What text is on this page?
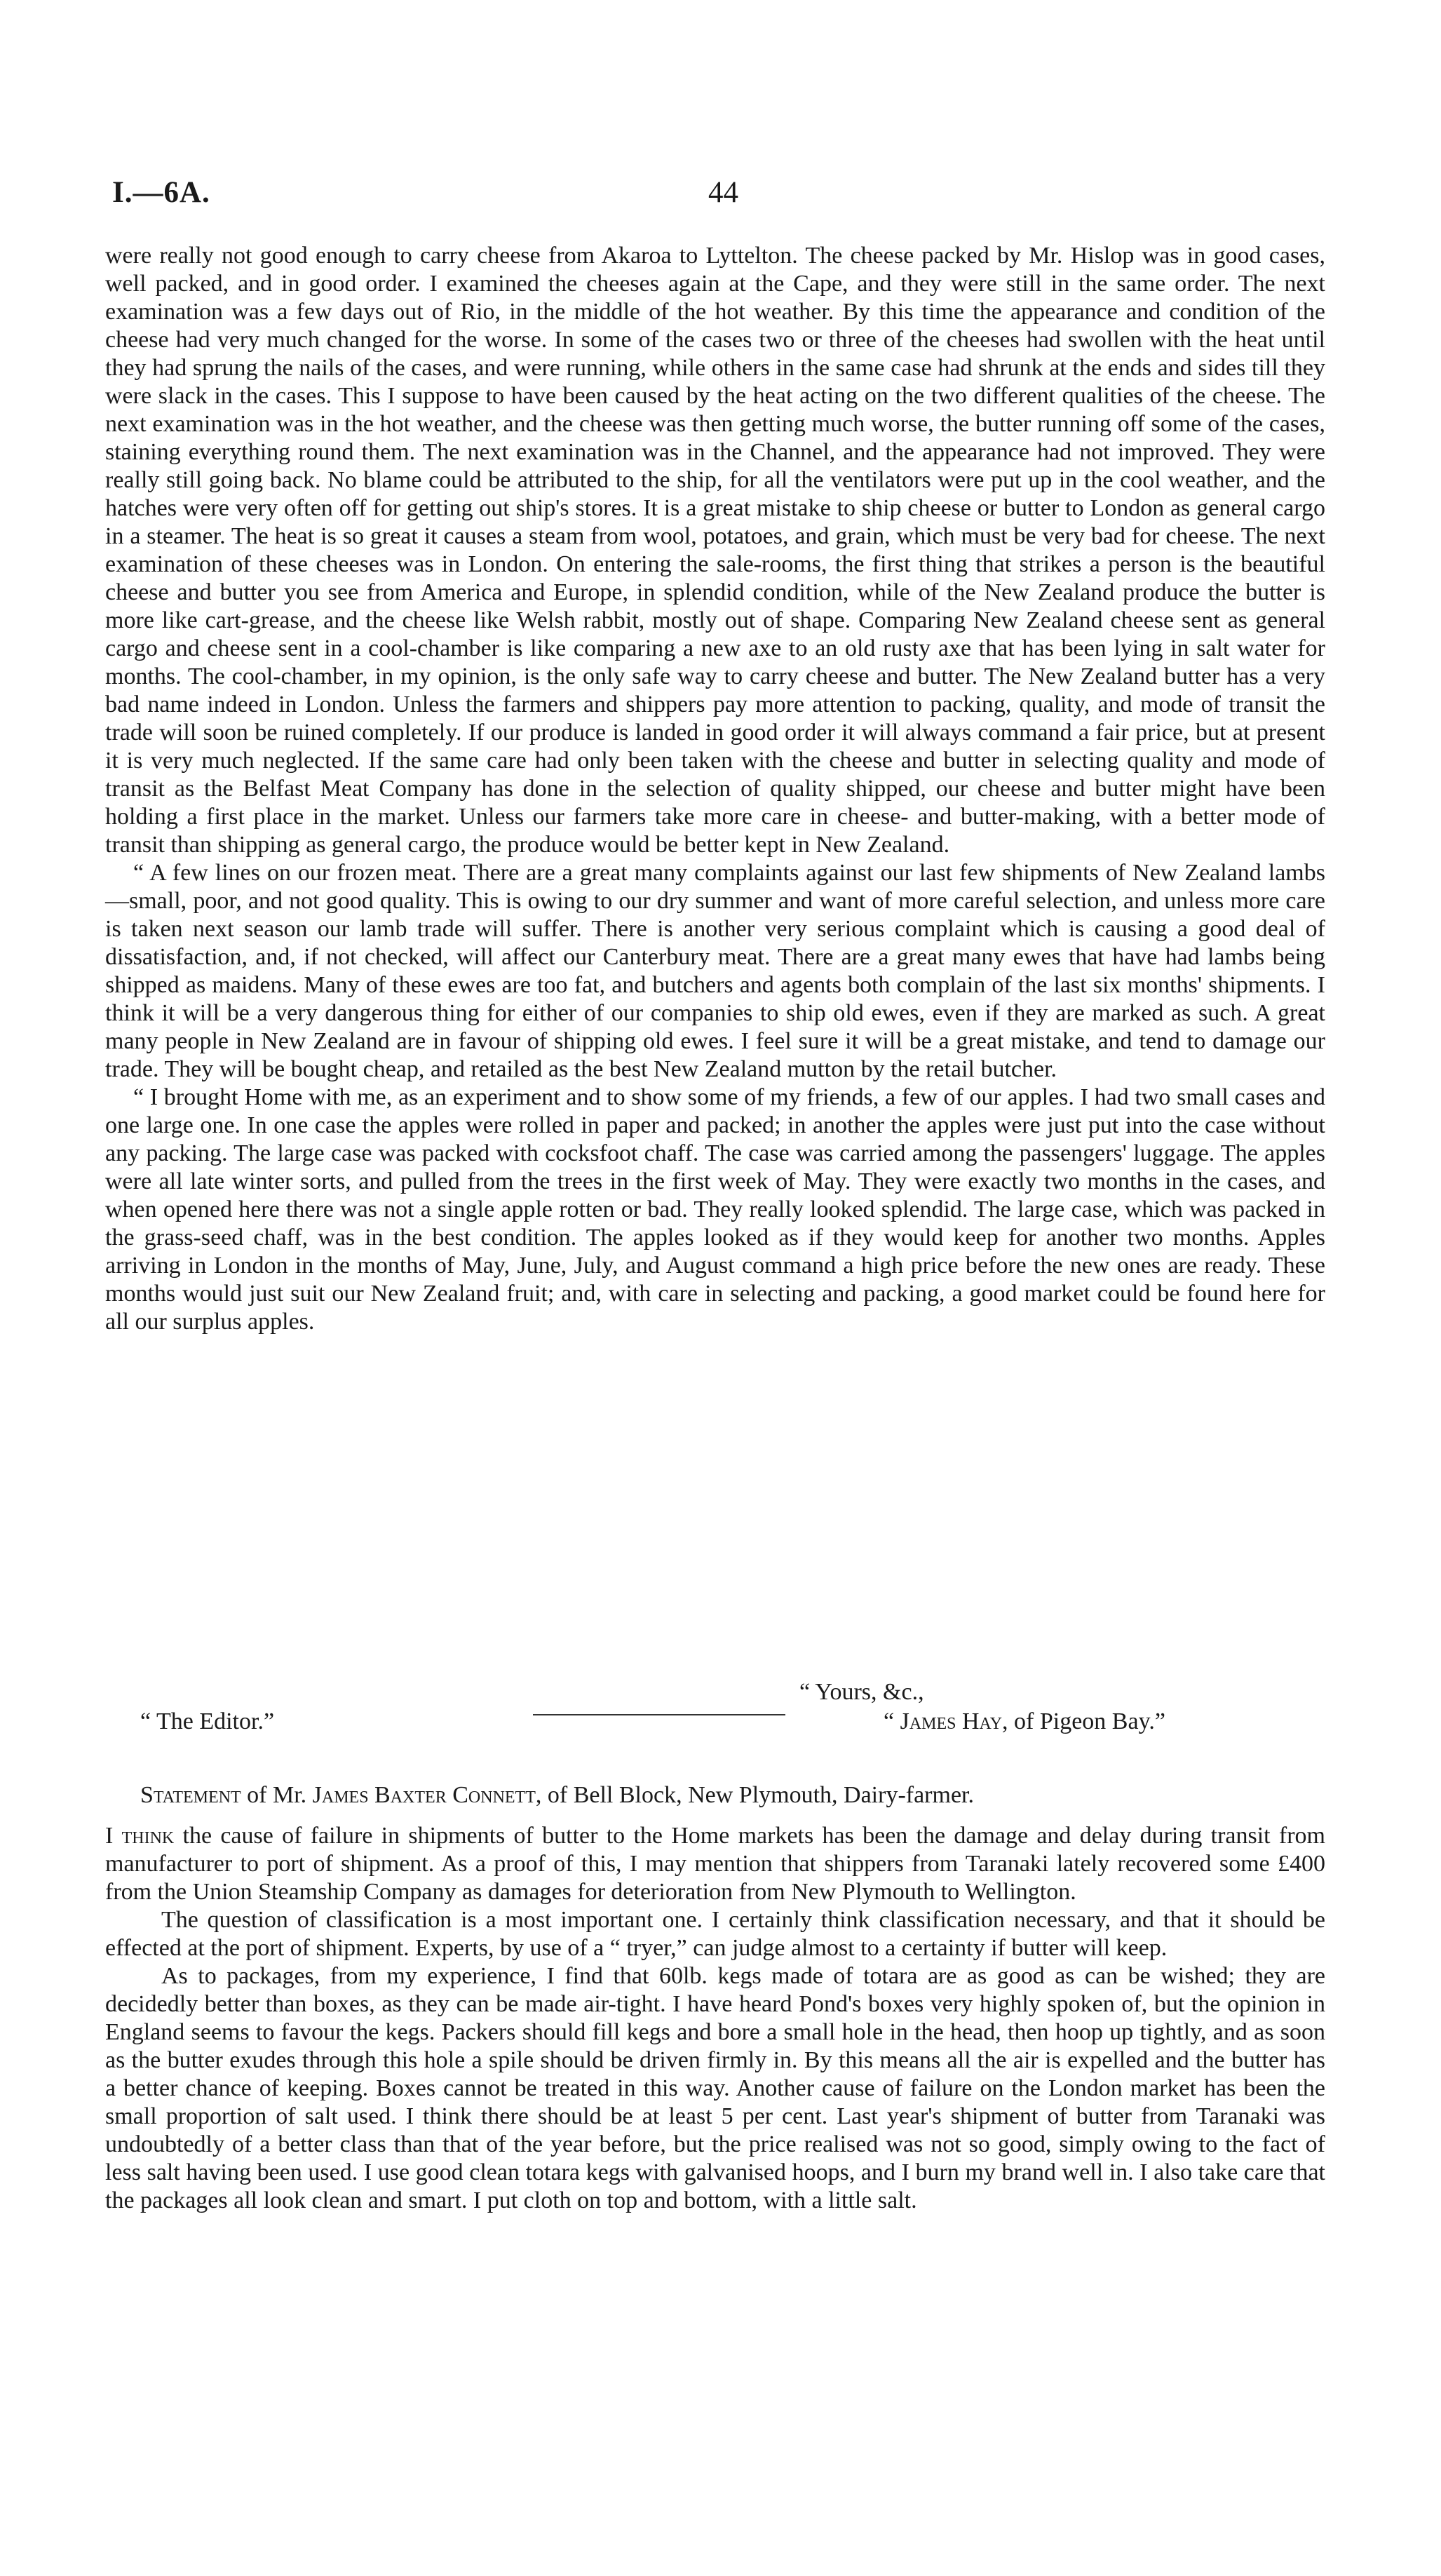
I.—6A.	44

were really not good enough to carry cheese from Akaroa to Lyttelton. The cheese packed by Mr. Hislop was in good cases, well packed, and in good order. I examined the cheeses again at the Cape, and they were still in the same order. The next examination was a few days out of Rio, in the middle of the hot weather. By this time the appearance and condition of the cheese had very much changed for the worse. In some of the cases two or three of the cheeses had swollen with the heat until they had sprung the nails of the cases, and were running, while others in the same case had shrunk at the ends and sides till they were slack in the cases. This I suppose to have been caused by the heat acting on the two different qualities of the cheese. The next examination was in the hot weather, and the cheese was then getting much worse, the butter running off some of the cases, staining everything round them. The next examination was in the Channel, and the appearance had not improved. They were really still going back. No blame could be attributed to the ship, for all the ventilators were put up in the cool weather, and the hatches were very often off for getting out ship's stores. It is a great mistake to ship cheese or butter to London as general cargo in a steamer. The heat is so great it causes a steam from wool, potatoes, and grain, which must be very bad for cheese. The next examination of these cheeses was in London. On entering the sale-rooms, the first thing that strikes a person is the beautiful cheese and butter you see from America and Europe, in splendid condition, while of the New Zealand produce the butter is more like cart-grease, and the cheese like Welsh rabbit, mostly out of shape. Comparing New Zealand cheese sent as general cargo and cheese sent in a cool-chamber is like comparing a new axe to an old rusty axe that has been lying in salt water for months. The cool-chamber, in my opinion, is the only safe way to carry cheese and butter. The New Zealand butter has a very bad name indeed in London. Unless the farmers and shippers pay more attention to packing, quality, and mode of transit the trade will soon be ruined completely. If our produce is landed in good order it will always command a fair price, but at present it is very much neglected. If the same care had only been taken with the cheese and butter in selecting quality and mode of transit as the Belfast Meat Company has done in the selection of quality shipped, our cheese and butter might have been holding a first place in the market. Unless our farmers take more care in cheese- and butter-making, with a better mode of transit than shipping as general cargo, the produce would be better kept in New Zealand.

“ A few lines on our frozen meat. There are a great many complaints against our last few shipments of New Zealand lambs—small, poor, and not good quality. This is owing to our dry summer and want of more careful selection, and unless more care is taken next season our lamb trade will suffer. There is another very serious complaint which is causing a good deal of dissatisfaction, and, if not checked, will affect our Canterbury meat. There are a great many ewes that have had lambs being shipped as maidens. Many of these ewes are too fat, and butchers and agents both complain of the last six months' shipments. I think it will be a very dangerous thing for either of our companies to ship old ewes, even if they are marked as such. A great many people in New Zealand are in favour of shipping old ewes. I feel sure it will be a great mistake, and tend to damage our trade. They will be bought cheap, and retailed as the best New Zealand mutton by the retail butcher.

“ I brought Home with me, as an experiment and to show some of my friends, a few of our apples. I had two small cases and one large one. In one case the apples were rolled in paper and packed; in another the apples were just put into the case without any packing. The large case was packed with cocksfoot chaff. The case was carried among the passengers' luggage. The apples were all late winter sorts, and pulled from the trees in the first week of May. They were exactly two months in the cases, and when opened here there was not a single apple rotten or bad. They really looked splendid. The large case, which was packed in the grass-seed chaff, was in the best condition. The apples looked as if they would keep for another two months. Apples arriving in London in the months of May, June, July, and August command a high price before the new ones are ready. These months would just suit our New Zealand fruit; and, with care in selecting and packing, a good market could be found here for all our surplus apples.

“ Yours, &c.,
“ The Editor.”	“ James Hay, of Pigeon Bay.”
Statement of Mr. James Baxter Connett, of Bell Block, New Plymouth, Dairy-farmer.

I think the cause of failure in shipments of butter to the Home markets has been the damage and delay during transit from manufacturer to port of shipment. As a proof of this, I may mention that shippers from Taranaki lately recovered some £400 from the Union Steamship Company as damages for deterioration from New Plymouth to Wellington.

The question of classification is a most important one. I certainly think classification necessary, and that it should be effected at the port of shipment. Experts, by use of a “ tryer,” can judge almost to a certainty if butter will keep.

As to packages, from my experience, I find that 60lb. kegs made of totara are as good as can be wished; they are decidedly better than boxes, as they can be made air-tight. I have heard Pond's boxes very highly spoken of, but the opinion in England seems to favour the kegs. Packers should fill kegs and bore a small hole in the head, then hoop up tightly, and as soon as the butter exudes through this hole a spile should be driven firmly in. By this means all the air is expelled and the butter has a better chance of keeping. Boxes cannot be treated in this way. Another cause of failure on the London market has been the small proportion of salt used. I think there should be at least 5 per cent. Last year's shipment of butter from Taranaki was undoubtedly of a better class than that of the year before, but the price realised was not so good, simply owing to the fact of less salt having been used. I use good clean totara kegs with galvanised hoops, and I burn my brand well in. I also take care that the packages all look clean and smart. I put cloth on top and bottom, with a little salt.
